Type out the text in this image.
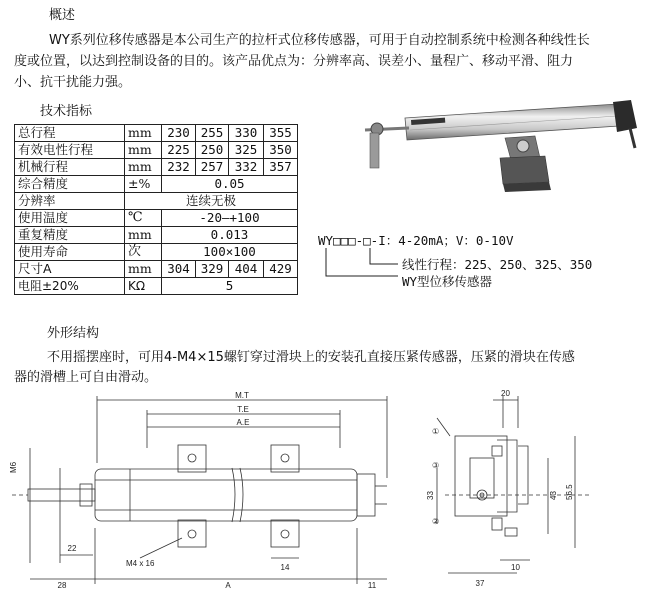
概述
WY系列位移传感器是本公司生产的拉杆式位移传感器，可用于自动控制系统中检测各种线性长
度或位置，以达到控制设备的目的。该产品优点为：分辨率高、误差小、量程广、移动平滑、阻力
小、抗干扰能力强。
技术指标
总行程	mm	230	255	330	355
有效电性行程	mm	225	250	325	350
机械行程	mm	232	257	332	357
综合精度	±%	0.05			
分辨率	连续无极				
使用温度	℃	-20—+100			
重复精度	mm	0.013			
使用寿命	次	100×100			
尺寸A	mm	304	329	404	429
电阻±20%	KΩ	5			
WY□□□-□-I：4-20mA；V：0-10V
线性行程：225、250、325、350
WY型位移传感器
外形结构
不用摇摆座时，可用4-M4×15螺钉穿过滑块上的安装孔直接压紧传感器，压紧的滑块在传感
器的滑槽上可自由滑动。
M.T
T.E
A.E
M6
M4 x 16
22
14
28	A	11
20
33	43 56.5
10
37
①
②
③
